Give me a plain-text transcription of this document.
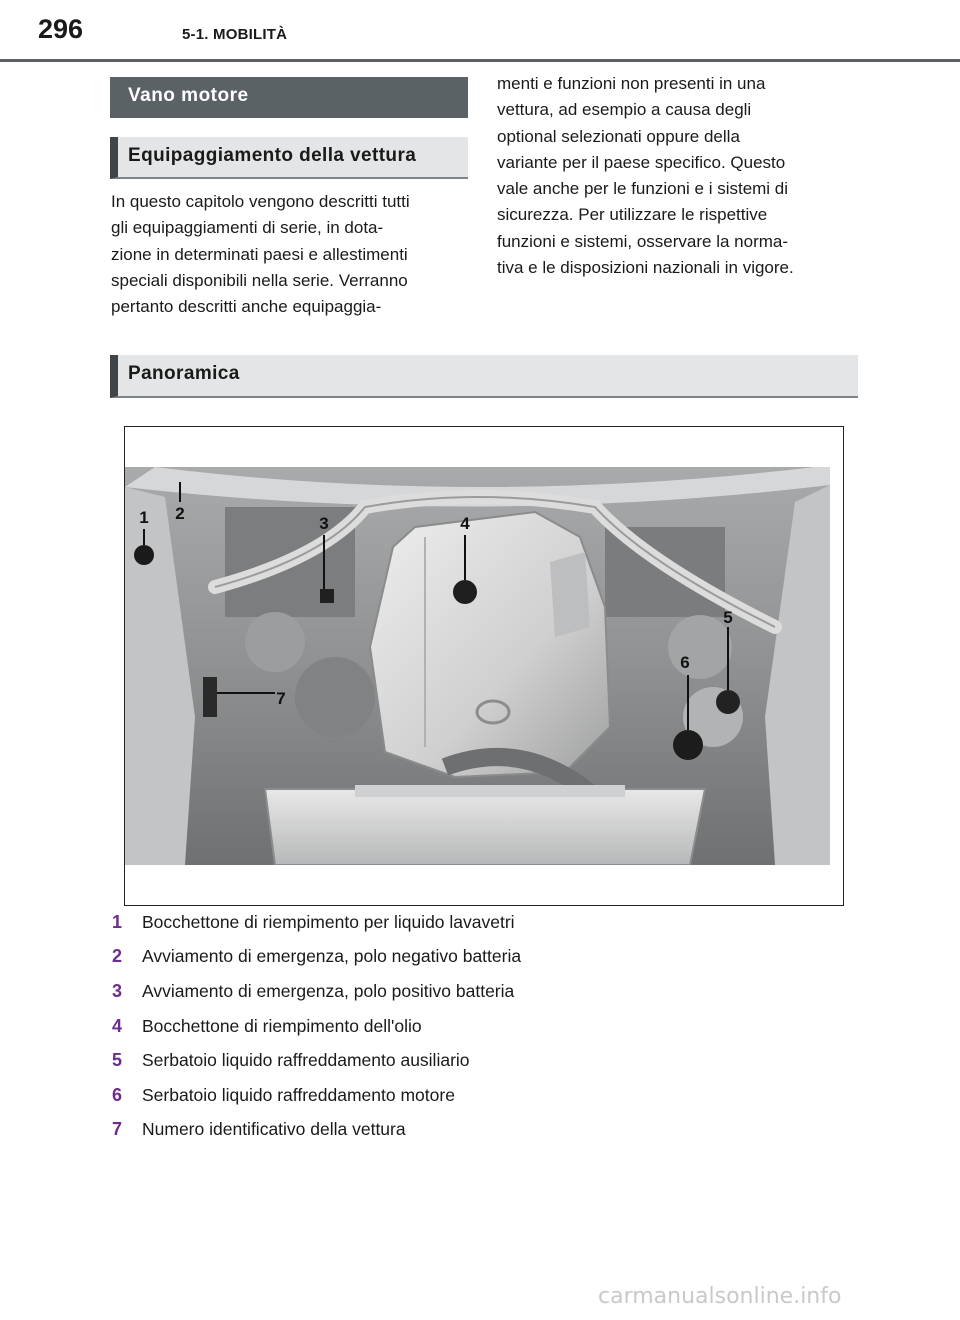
296	5-1. MOBILITÀ
Vano motore
Equipaggiamento della vettura

In questo capitolo vengono descritti tutti
gli equipaggiamenti di serie, in dota-
zione in determinati paesi e allestimenti
speciali disponibili nella serie. Verranno
pertanto descritti anche equipaggia-

menti e funzioni non presenti in una
vettura, ad esempio a causa degli
optional selezionati oppure della
variante per il paese specifico. Questo
vale anche per le funzioni e i sistemi di
sicurezza. Per utilizzare le rispettive
funzioni e sistemi, osservare la norma-
tiva e le disposizioni nazionali in vigore.

Panoramica
1 2
3	4
5
6
7
1	Bocchettone di riempimento per liquido lavavetri
2	Avviamento di emergenza, polo negativo batteria
3	Avviamento di emergenza, polo positivo batteria
4	Bocchettone di riempimento dell'olio
5	Serbatoio liquido raffreddamento ausiliario
6	Serbatoio liquido raffreddamento motore
7	Numero identificativo della vettura
carmanualsonline.info
